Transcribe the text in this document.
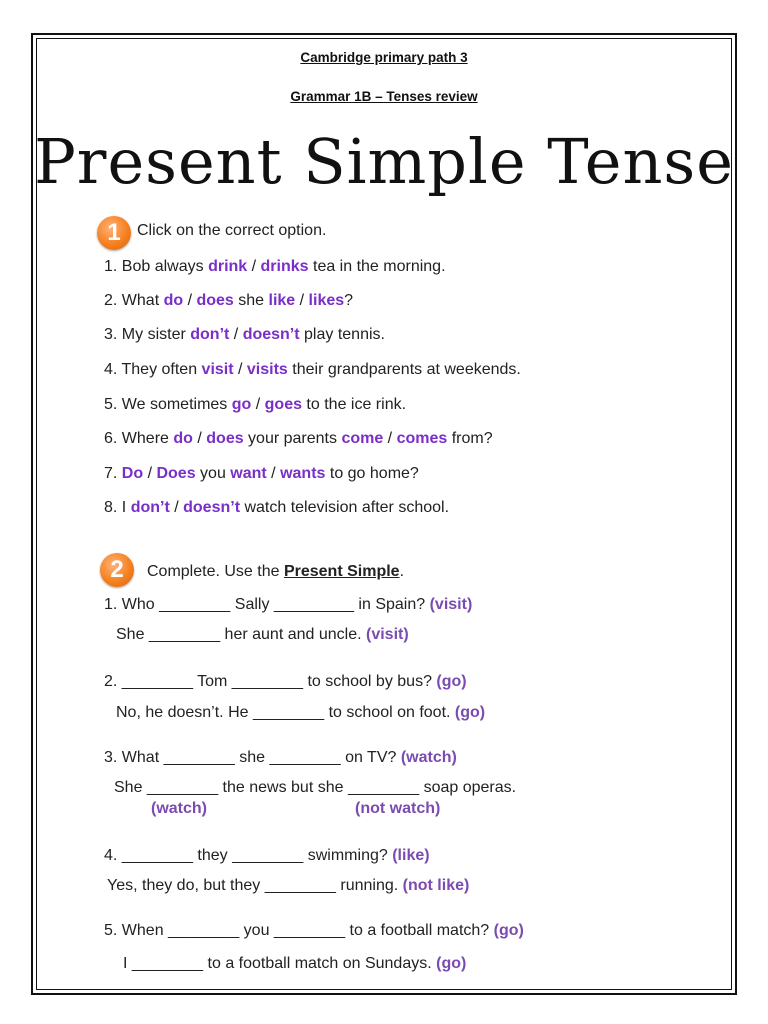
Cambridge primary path 3
Grammar 1B – Tenses review
Present Simple Tense
1	Click on the correct option.
1. Bob always drink / drinks tea in the morning.
2. What do / does she like / likes?
3. My sister don’t / doesn’t play tennis.
4. They often visit / visits their grandparents at weekends.
5. We sometimes go / goes to the ice rink.
6. Where do / does your parents come / comes from?
7. Do / Does you want / wants to go home?
8. I don’t / doesn’t watch television after school.
2	Complete. Use the Present Simple.
1. Who ________ Sally _________ in Spain? (visit)
She ________ her aunt and uncle. (visit)
2. ________ Tom ________ to school by bus? (go)
No, he doesn’t. He ________ to school on foot. (go)
3. What ________ she ________ on TV? (watch)
She ________ the news but she ________ soap operas.
(watch)	(not watch)
4. ________ they ________ swimming? (like)
Yes, they do, but they ________ running. (not like)
5. When ________ you ________ to a football match? (go)
I ________ to a football match on Sundays. (go)
